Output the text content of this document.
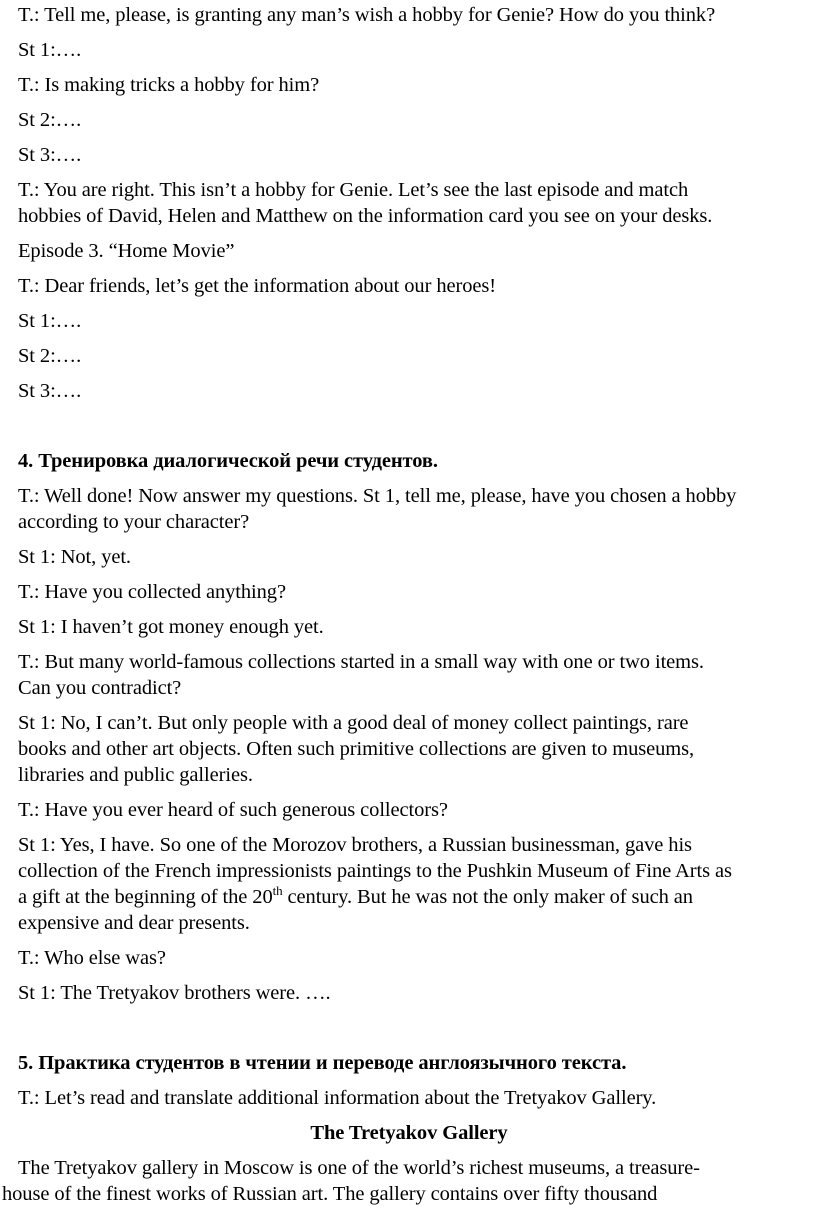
T.: Tell me, please, is granting any man’s wish a hobby for Genie? How do you think?

St 1:….

T.: Is making tricks a hobby for him?

St 2:….

St 3:….

T.: You are right. This isn’t a hobby for Genie. Let’s see the last episode and match
hobbies of David, Helen and Matthew on the information card you see on your desks.

Episode 3. “Home Movie”

T.: Dear friends, let’s get the information about our heroes!

St 1:….

St 2:….

St 3:….

4. Тренировка диалогической речи студентов.

T.: Well done! Now answer my questions. St 1, tell me, please, have you chosen a hobby
according to your character?

St 1: Not, yet.

T.: Have you collected anything?

St 1: I haven’t got money enough yet.

T.: But many world-famous collections started in a small way with one or two items.
Can you contradict?

St 1: No, I can’t. But only people with a good deal of money collect paintings, rare
books and other art objects. Often such primitive collections are given to museums,
libraries and public galleries.

T.: Have you ever heard of such generous collectors?

St 1: Yes, I have. So one of the Morozov brothers, a Russian businessman, gave his
collection of the French impressionists paintings to the Pushkin Museum of Fine Arts as
a gift at the beginning of the 20th century. But he was not the only maker of such an
expensive and dear presents.

T.: Who else was?

St 1: The Tretyakov brothers were. ….

5. Практика студентов в чтении и переводе англоязычного текста.

T.: Let’s read and translate additional information about the Tretyakov Gallery.

The Tretyakov Gallery

The Tretyakov gallery in Moscow is one of the world’s richest museums, a treasure-
house of the finest works of Russian art. The gallery contains over fifty thousand
